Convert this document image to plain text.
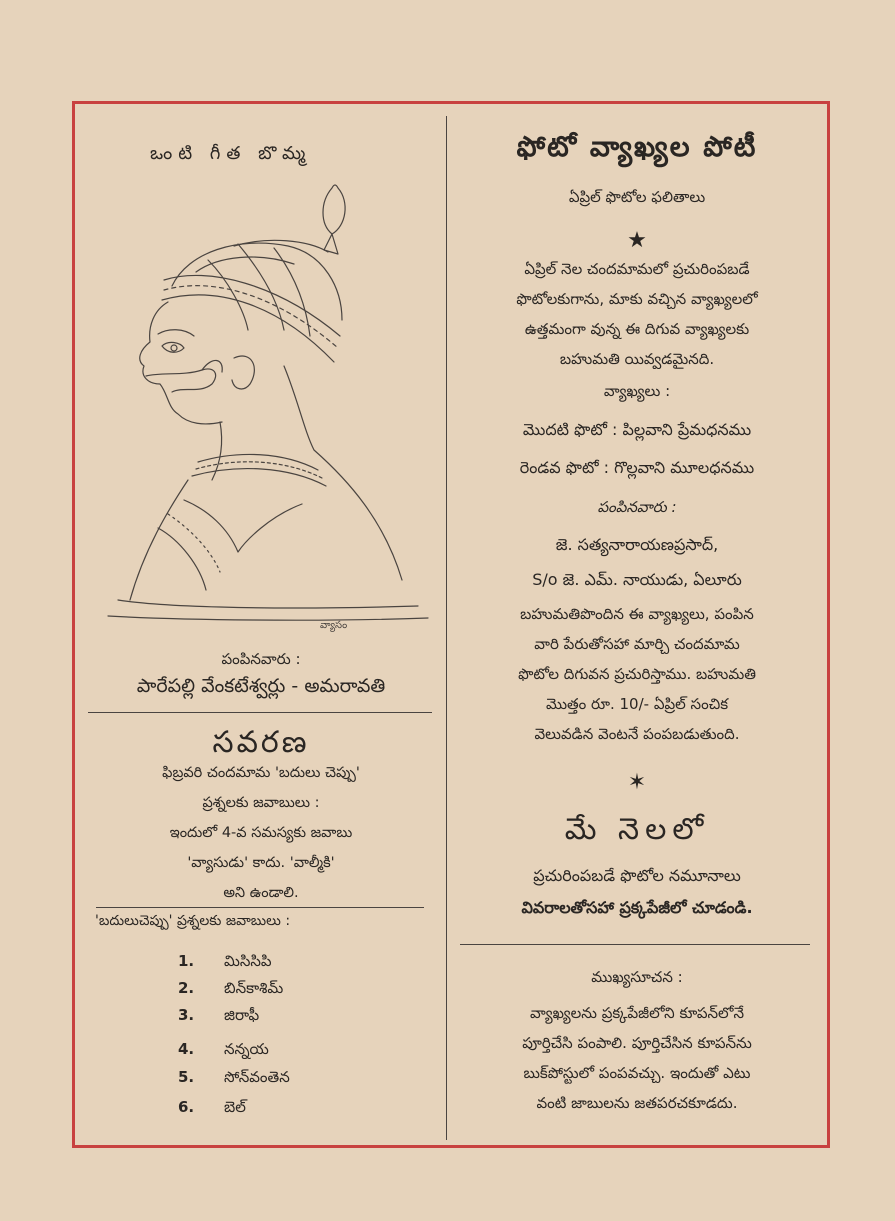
ఒంటి గీత బొమ్మ
వ్యాసం
పంపినవారు :
పారేపల్లి వేంకటేశ్వర్లు - అమరావతి
సవరణ
ఫిబ్రవరి చందమామ 'బదులు చెప్పు'
ప్రశ్నలకు జవాబులు :
ఇందులో 4-వ సమస్యకు జవాబు
'వ్యాసుడు' కాదు. 'వాల్మీకి'
అని ఉండాలి.
'బదులుచెప్పు' ప్రశ్నలకు జవాబులు :
1. మిసిసిపి
2. బిన్‌కాశిమ్
3. జిరాఫీ
4. నన్నయ
5. సోన్‌వంతెన
6. బెల్
ఫోటో వ్యాఖ్యల పోటీ
ఏప్రిల్ ఫొటోల ఫలితాలు
★
ఏప్రిల్ నెల చందమామలో ప్రచురింపబడే
ఫొటోలకుగాను, మాకు వచ్చిన వ్యాఖ్యలలో
ఉత్తమంగా వున్న ఈ దిగువ వ్యాఖ్యలకు
బహుమతి యివ్వడమైనది.
వ్యాఖ్యలు :
మొదటి ఫొటో : పిల్లవాని ప్రేమధనము
రెండవ ఫొటో : గొల్లవాని మూలధనము
పంపినవారు :
జె. సత్యనారాయణప్రసాద్,
S/o జె. ఎమ్. నాయుడు, ఏలూరు
బహుమతిపొందిన ఈ వ్యాఖ్యలు, పంపిన
వారి పేరుతోసహా మార్చి చందమామ
ఫొటోల దిగువన ప్రచురిస్తాము. బహుమతి
మొత్తం రూ. 10/- ఏప్రిల్ సంచిక
వెలువడిన వెంటనే పంపబడుతుంది.
✶
మే నెలలో
ప్రచురింపబడే ఫొటోల నమూనాలు
వివరాలతోసహా ప్రక్కపేజీలో చూడండి.
ముఖ్యసూచన :
వ్యాఖ్యలను ప్రక్కపేజీలోని కూపన్‌లోనే
పూర్తిచేసి పంపాలి. పూర్తిచేసిన కూపన్‌ను
బుక్‌పోస్టులో పంపవచ్చు. ఇందుతో ఎటు
వంటి జాబులను జతపరచకూడదు.
